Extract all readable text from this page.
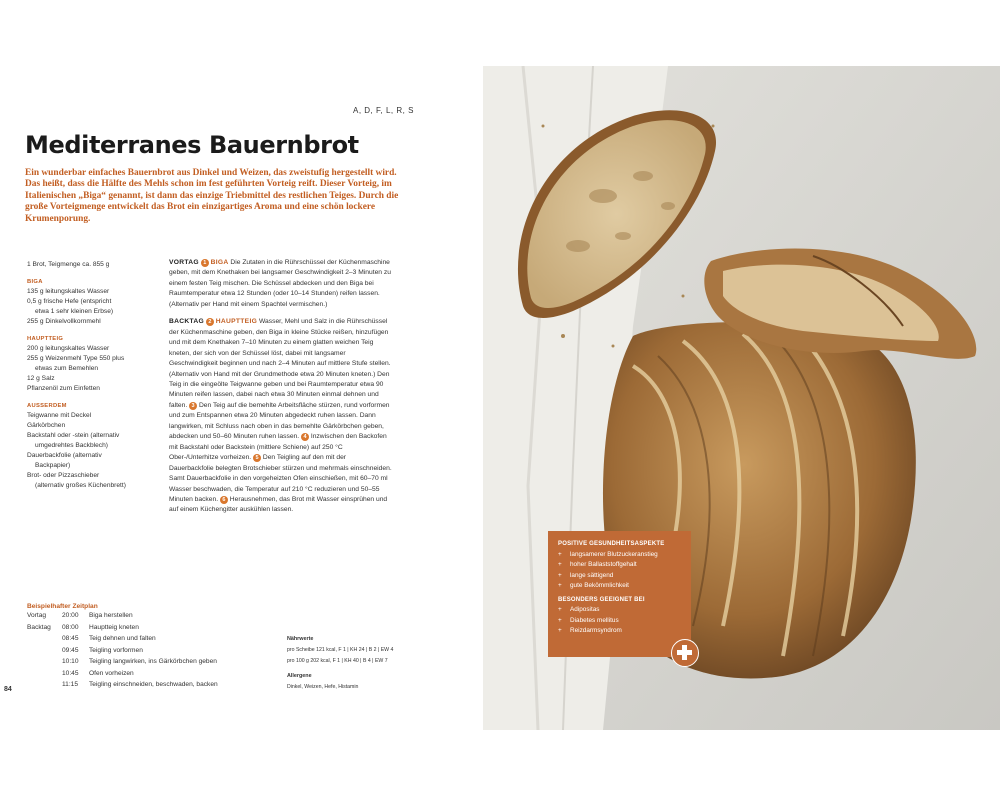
A, D, F, L, R, S
Mediterranes Bauernbrot

Ein wunderbar einfaches Bauernbrot aus Dinkel und Weizen, das zweistufig hergestellt wird. Das heißt, dass die Hälfte des Mehls schon im fest geführten Vorteig reift. Dieser Vorteig, im Italienischen „Biga“ genannt, ist dann das einzige Triebmittel des restlichen Teiges. Durch die große Vorteigmenge entwickelt das Brot ein einzigartiges Aroma und eine schön lockere Krumenporung.

1 Brot, Teigmenge ca. 855 g
BIGA
135 g leitungskaltes Wasser
0,5 g frische Hefe (entspricht
etwa 1 sehr kleinen Erbse)
255 g Dinkelvollkornmehl
HAUPTTEIG
200 g leitungskaltes Wasser
255 g Weizenmehl Type 550 plus
etwas zum Bemehlen
12 g Salz
Pflanzenöl zum Einfetten
AUSSERDEM
Teigwanne mit Deckel
Gärkörbchen
Backstahl oder -stein (alternativ
umgedrehtes Backblech)
Dauerbackfolie (alternativ
Backpapier)
Brot- oder Pizzaschieber
(alternativ großes Küchenbrett)

VORTAG 1 BIGA Die Zutaten in die Rührschüssel der Küchenmaschine geben, mit dem Knethaken bei langsamer Geschwindigkeit 2–3 Minuten zu einem festen Teig mischen. Die Schüssel abdecken und den Biga bei Raumtemperatur etwa 12 Stunden (oder 10–14 Stunden) reifen lassen. (Alternativ per Hand mit einem Spachtel vermischen.)

BACKTAG 2 HAUPTTEIG Wasser, Mehl und Salz in die Rührschüssel der Küchenmaschine geben, den Biga in kleine Stücke reißen, hinzufügen und mit dem Knethaken 7–10 Minuten zu einem glatten weichen Teig kneten, der sich von der Schüssel löst, dabei mit langsamer Geschwindigkeit beginnen und nach 2–4 Minuten auf mittlere Stufe stellen. (Alternativ von Hand mit der Grundmethode etwa 20 Minuten kneten.) Den Teig in die eingeölte Teigwanne geben und bei Raumtemperatur etwa 90 Minuten reifen lassen, dabei nach etwa 30 Minuten einmal dehnen und falten. 3 Den Teig auf die bemehlte Arbeitsfläche stürzen, rund vorformen und zum Entspannen etwa 20 Minuten abgedeckt ruhen lassen. Dann langwirken, mit Schluss nach oben in das bemehlte Gärkörbchen geben, abdecken und 50–60 Minuten ruhen lassen. 4 Inzwischen den Backofen mit Backstahl oder Backstein (mittlere Schiene) auf 250 °C Ober-/Unterhitze vorheizen. 5 Den Teigling auf den mit der Dauerbackfolie belegten Brotschieber stürzen und mehrmals einschneiden. Samt Dauerbackfolie in den vorgeheizten Ofen einschießen, mit 60–70 ml Wasser beschwaden, die Temperatur auf 210 °C reduzieren und 50–55 Minuten backen. 6 Herausnehmen, das Brot mit Wasser einsprühen und auf einem Küchengitter auskühlen lassen.

Beispielhafter Zeitplan
Vortag	20:00	Biga herstellen
Backtag	08:00	Hauptteig kneten
	08:45	Teig dehnen und falten
	09:45	Teigling vorformen
	10:10	Teigling langwirken, ins Gärkörbchen geben
	10:45	Ofen vorheizen
	11:15	Teigling einschneiden, beschwaden, backen
Nährwerte
pro Scheibe 121 kcal, F 1 | KH 24 | B 2 | EW 4
pro 100 g 202 kcal, F 1 | KH 40 | B 4 | EW 7
Allergene
Dinkel, Weizen, Hefe, Histamin
84
POSITIVE GESUNDHEITSASPEKTE
+ langsamerer Blutzuckeranstieg
+ hoher Ballaststoffgehalt
+ lange sättigend
+ gute Bekömmlichkeit
BESONDERS GEEIGNET BEI
+ Adipositas
+ Diabetes mellitus
+ Reizdarmsyndrom
